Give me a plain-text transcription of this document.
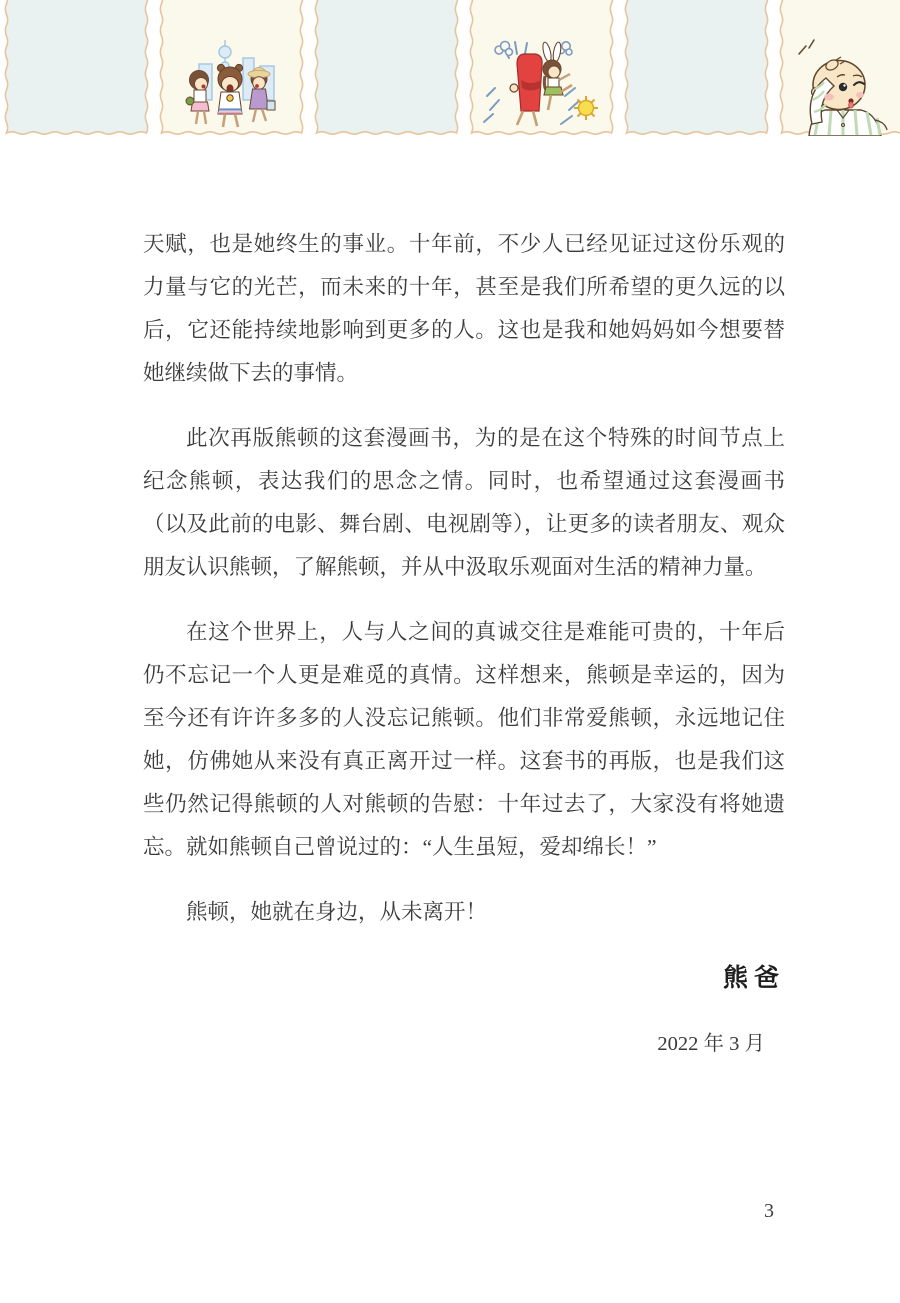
天赋，也是她终生的事业。十年前，不少人已经见证过这份乐观的力量与它的光芒，而未来的十年，甚至是我们所希望的更久远的以后，它还能持续地影响到更多的人。这也是我和她妈妈如今想要替她继续做下去的事情。

此次再版熊顿的这套漫画书，为的是在这个特殊的时间节点上纪念熊顿，表达我们的思念之情。同时，也希望通过这套漫画书（以及此前的电影、舞台剧、电视剧等），让更多的读者朋友、观众朋友认识熊顿，了解熊顿，并从中汲取乐观面对生活的精神力量。

在这个世界上，人与人之间的真诚交往是难能可贵的，十年后仍不忘记一个人更是难觅的真情。这样想来，熊顿是幸运的，因为至今还有许许多多的人没忘记熊顿。他们非常爱熊顿，永远地记住她，仿佛她从来没有真正离开过一样。这套书的再版，也是我们这些仍然记得熊顿的人对熊顿的告慰：十年过去了，大家没有将她遗忘。就如熊顿自己曾说过的：“人生虽短，爱却绵长！”

熊顿，她就在身边，从未离开！

熊爸

2022 年 3 月

3
